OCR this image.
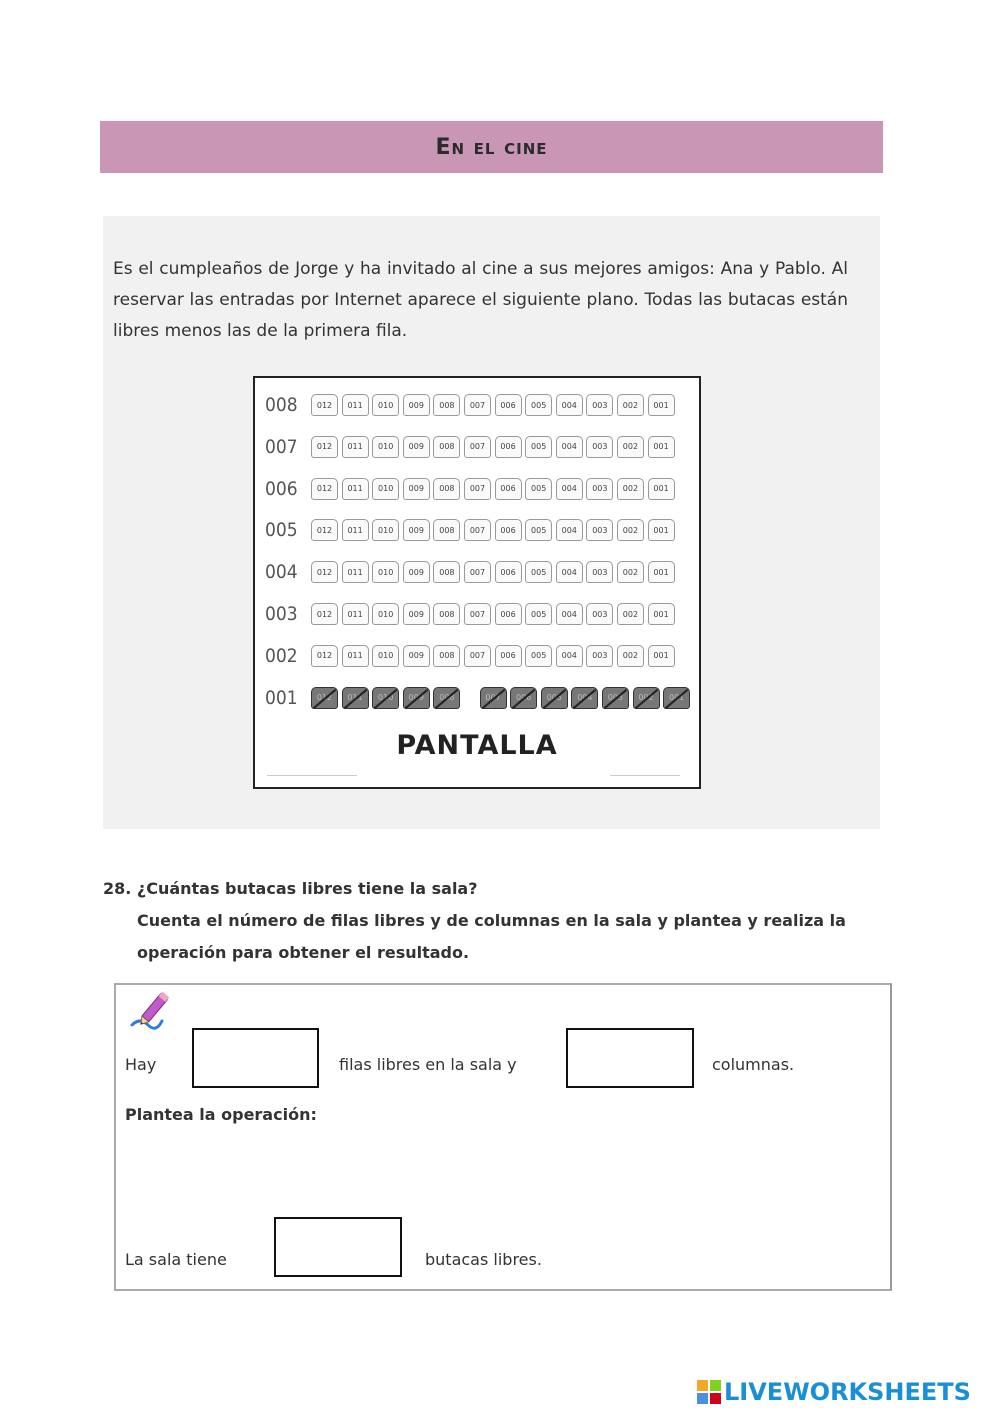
En el cine
Es el cumpleaños de Jorge y ha invitado al cine a sus mejores amigos: Ana y Pablo. Al reservar las entradas por Internet aparece el siguiente plano. Todas las butacas están libres menos las de la primera fila.
PANTALLA
008	012	011	010	009	008	007	006	005	004	003	002	001
007	012	011	010	009	008	007	006	005	004	003	002	001
006	012	011	010	009	008	007	006	005	004	003	002	001
005	012	011	010	009	008	007	006	005	004	003	002	001
004	012	011	010	009	008	007	006	005	004	003	002	001
003	012	011	010	009	008	007	006	005	004	003	002	001
002	012	011	010	009	008	007	006	005	004	003	002	001
001	012	011	010	009	008	007	006	005	004	003	002	001
28. ¿Cuántas butacas libres tiene la sala?
Cuenta el número de filas libres y de columnas en la sala y plantea y realiza la operación para obtener el resultado.
Hay	filas libres en la sala y	columnas.
Plantea la operación:
La sala tiene	butacas libres.
LIVEWORKSHEETS
